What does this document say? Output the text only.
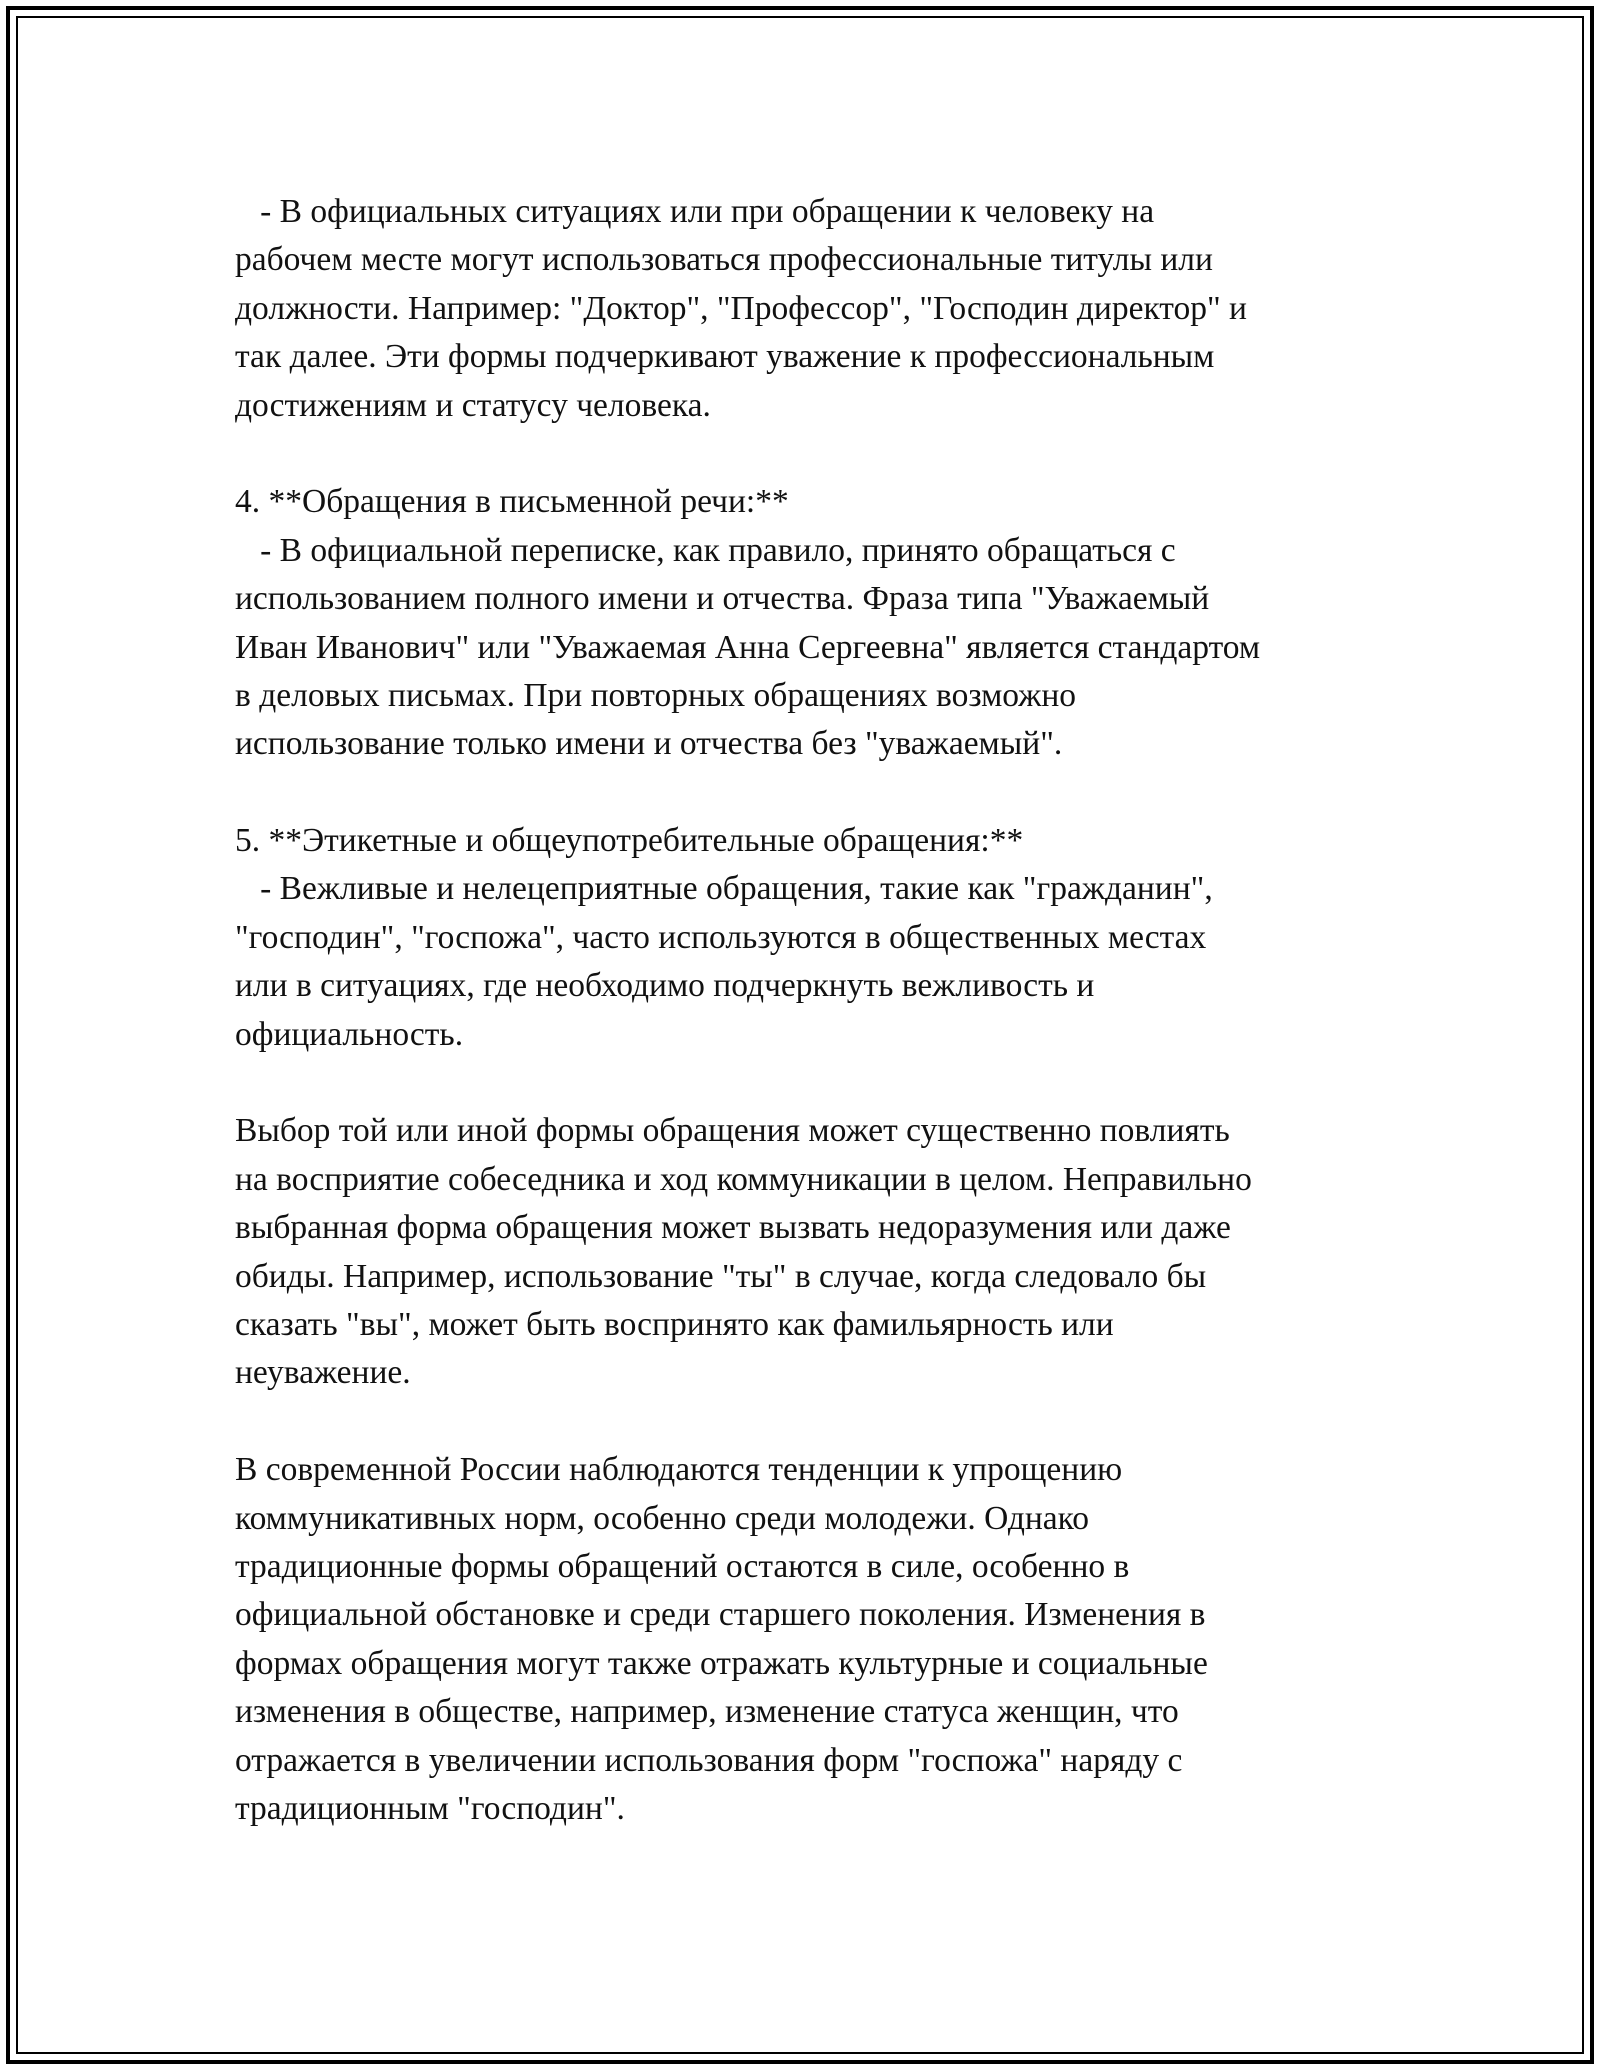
- В официальных ситуациях или при обращении к человеку на
рабочем месте могут использоваться профессиональные титулы или
должности. Например: "Доктор", "Профессор", "Господин директор" и
так далее. Эти формы подчеркивают уважение к профессиональным
достижениям и статусу человека.
4. **Обращения в письменной речи:**
- В официальной переписке, как правило, принято обращаться с
использованием полного имени и отчества. Фраза типа "Уважаемый
Иван Иванович" или "Уважаемая Анна Сергеевна" является стандартом
в деловых письмах. При повторных обращениях возможно
использование только имени и отчества без "уважаемый".
5. **Этикетные и общеупотребительные обращения:**
- Вежливые и нелецеприятные обращения, такие как "гражданин",
"господин", "госпожа", часто используются в общественных местах
или в ситуациях, где необходимо подчеркнуть вежливость и
официальность.
Выбор той или иной формы обращения может существенно повлиять
на восприятие собеседника и ход коммуникации в целом. Неправильно
выбранная форма обращения может вызвать недоразумения или даже
обиды. Например, использование "ты" в случае, когда следовало бы
сказать "вы", может быть воспринято как фамильярность или
неуважение.
В современной России наблюдаются тенденции к упрощению
коммуникативных норм, особенно среди молодежи. Однако
традиционные формы обращений остаются в силе, особенно в
официальной обстановке и среди старшего поколения. Изменения в
формах обращения могут также отражать культурные и социальные
изменения в обществе, например, изменение статуса женщин, что
отражается в увеличении использования форм "госпожа" наряду с
традиционным "господин".
